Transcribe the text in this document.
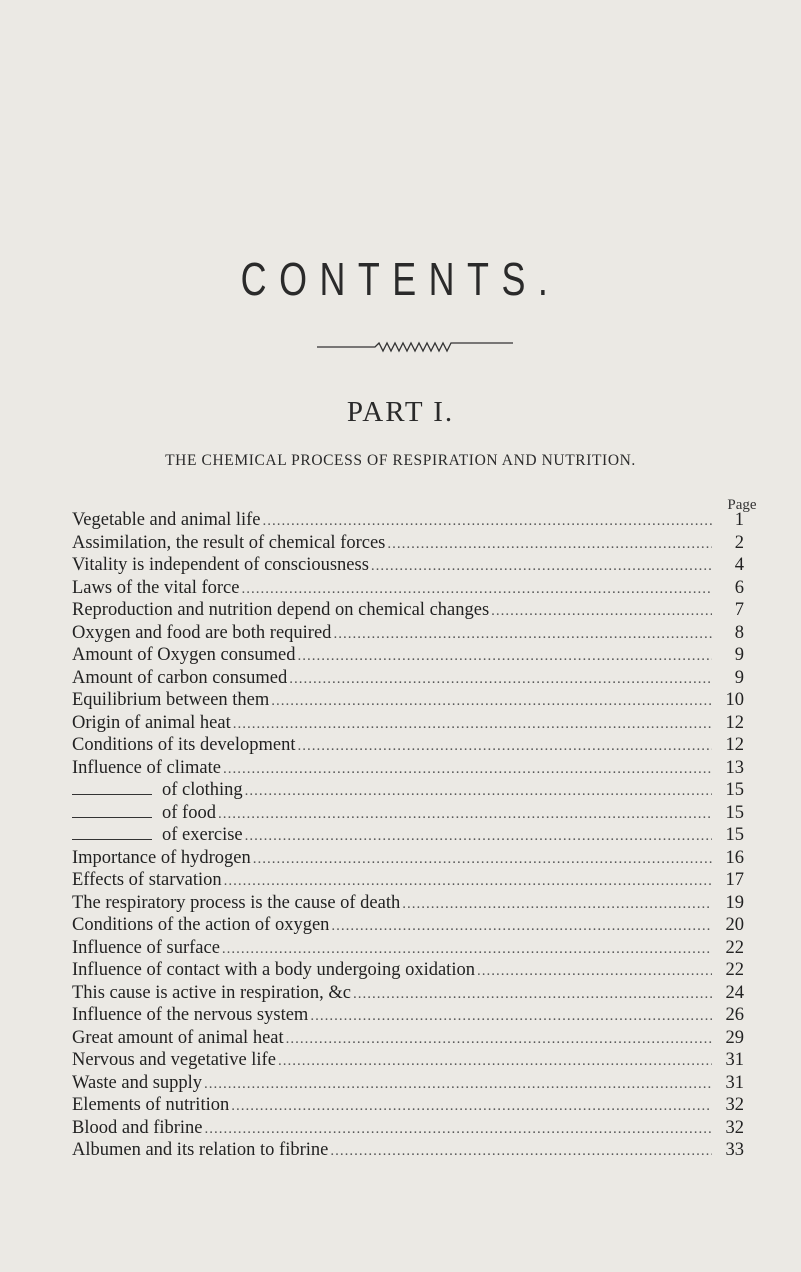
CONTENTS.
PART I.
THE CHEMICAL PROCESS OF RESPIRATION AND NUTRITION.
Page
Vegetable and animal life .....	1
Assimilation, the result of chemical forces .....	2
Vitality is independent of consciousness .....	4
Laws of the vital force .....	6
Reproduction and nutrition depend on chemical changes .....	7
Oxygen and food are both required .....	8
Amount of Oxygen consumed .....	9
Amount of carbon consumed .....	9
Equilibrium between them .....	10
Origin of animal heat .....	12
Conditions of its development .....	12
Influence of climate .....	13
of clothing .....	15
of food .....	15
of exercise .....	15
Importance of hydrogen .....	16
Effects of starvation .....	17
The respiratory process is the cause of death .....	19
Conditions of the action of oxygen .....	20
Influence of surface .....	22
Influence of contact with a body undergoing oxidation .....	22
This cause is active in respiration, &c .....	24
Influence of the nervous system .....	26
Great amount of animal heat .....	29
Nervous and vegetative life .....	31
Waste and supply .....	31
Elements of nutrition .....	32
Blood and fibrine .....	32
Albumen and its relation to fibrine .....	33
